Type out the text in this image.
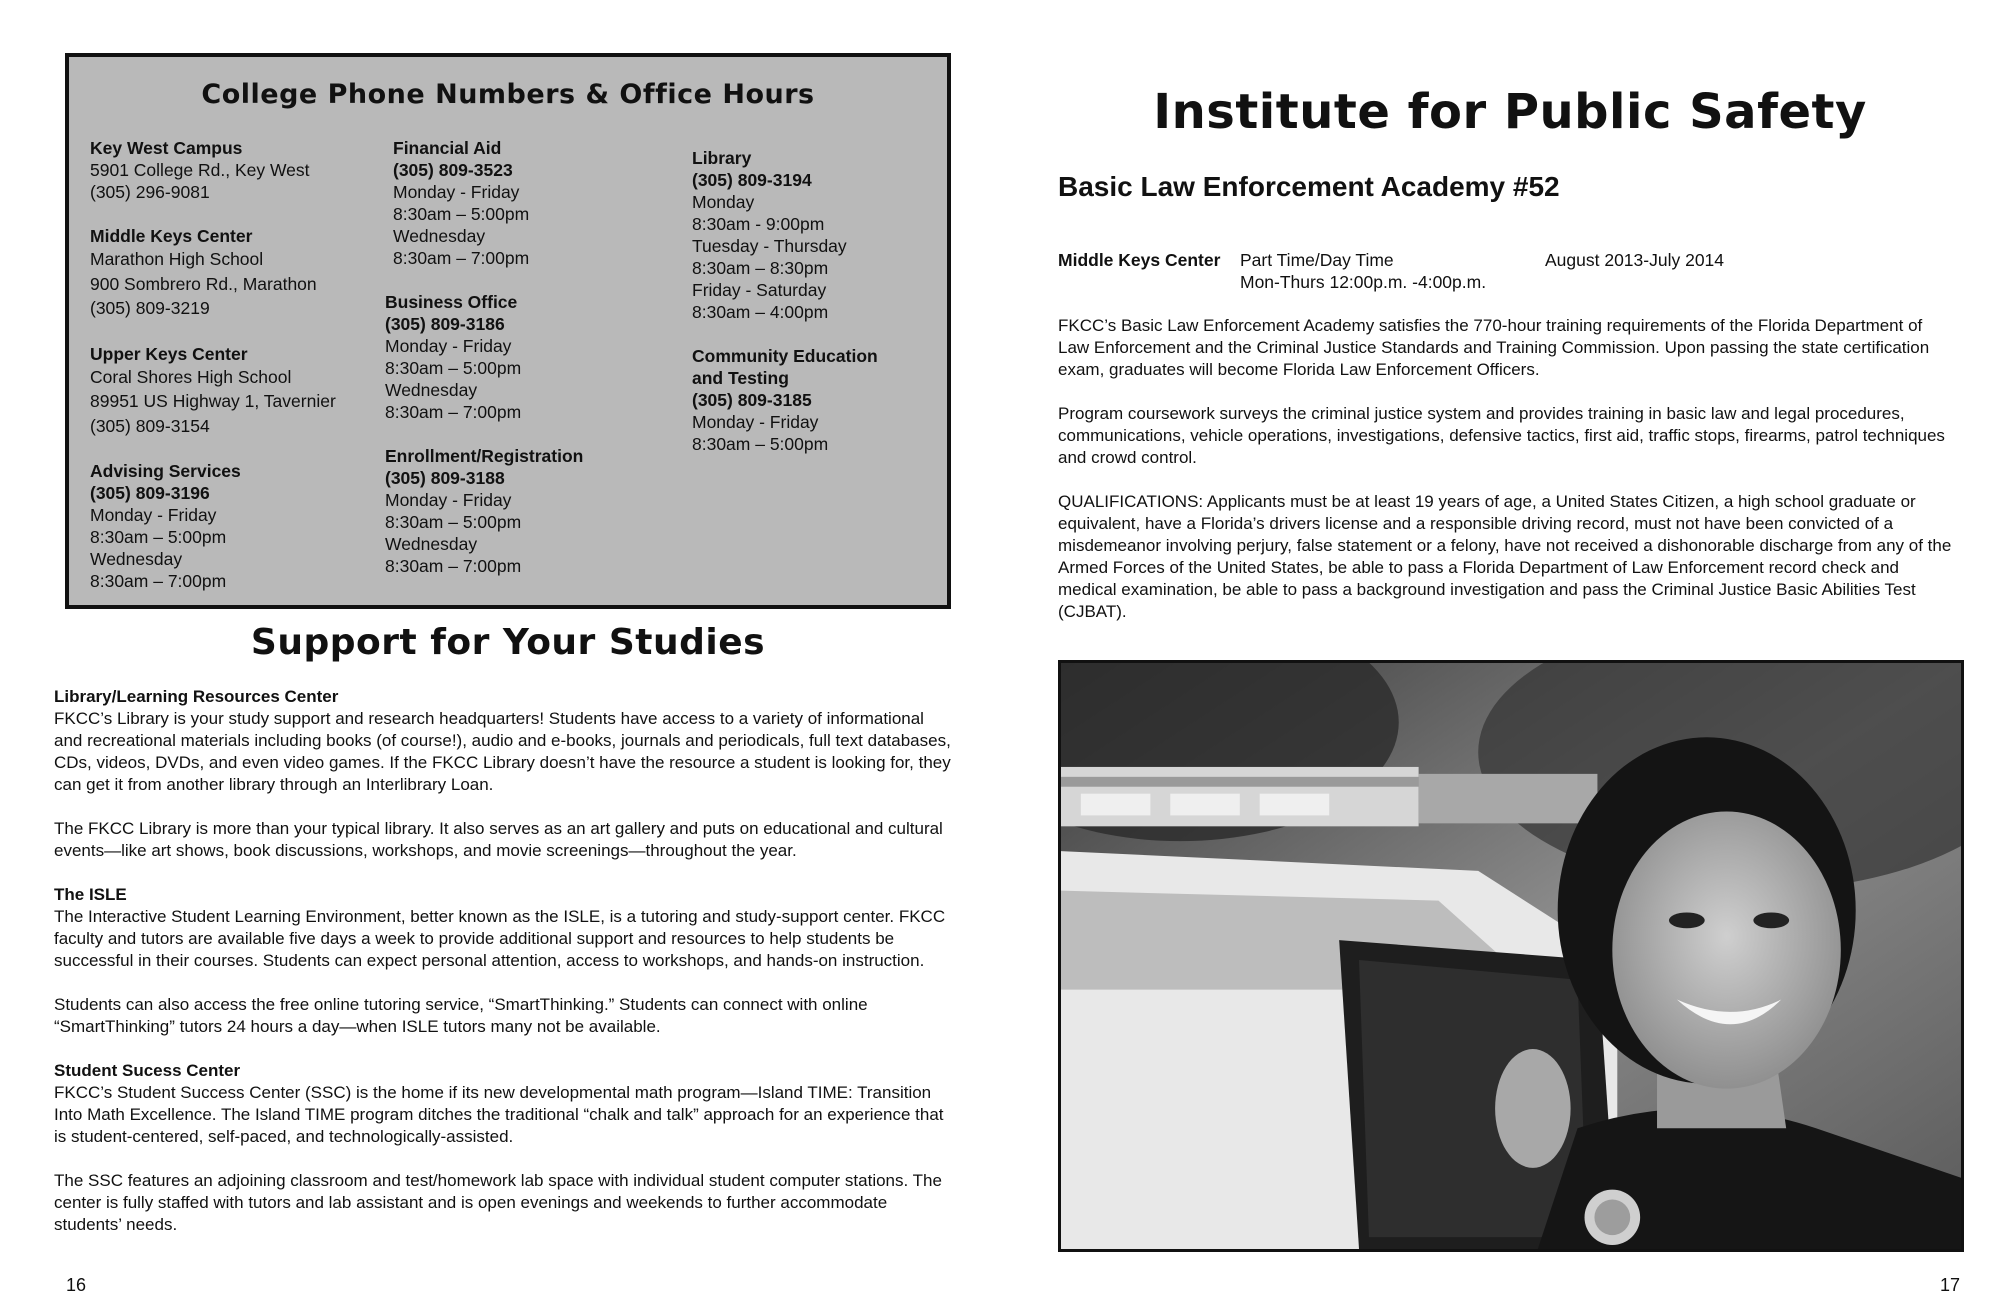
College Phone Numbers & Office Hours
Key West Campus
5901 College Rd., Key West
(305) 296-9081
Middle Keys Center
Marathon High School
900 Sombrero Rd., Marathon
(305) 809-3219
Upper Keys Center
Coral Shores High School
89951 US Highway 1, Tavernier
(305) 809-3154
Advising Services
(305) 809-3196
Monday - Friday
8:30am – 5:00pm
Wednesday
8:30am – 7:00pm
Financial Aid
(305) 809-3523
Monday - Friday
8:30am – 5:00pm
Wednesday
8:30am – 7:00pm
Business Office
(305) 809-3186
Monday - Friday
8:30am – 5:00pm
Wednesday
8:30am – 7:00pm
Enrollment/Registration
(305) 809-3188
Monday - Friday
8:30am – 5:00pm
Wednesday
8:30am – 7:00pm
Library
(305) 809-3194
Monday
8:30am - 9:00pm
Tuesday - Thursday
8:30am – 8:30pm
Friday - Saturday
8:30am – 4:00pm
Community Education
and Testing
(305) 809-3185
Monday - Friday
8:30am – 5:00pm
Support for Your Studies
Library/Learning Resources Center

FKCC’s Library is your study support and research headquarters! Students have access to a variety of informational and recreational materials including books (of course!), audio and e-books, journals and periodicals, full text databases, CDs, videos, DVDs, and even video games. If the FKCC Library doesn’t have the resource a student is looking for, they can get it from another library through an Interlibrary Loan.

The FKCC Library is more than your typical library. It also serves as an art gallery and puts on educational and cultural events—like art shows, book discussions, workshops, and movie screenings—throughout the year.

The ISLE

The Interactive Student Learning Environment, better known as the ISLE, is a tutoring and study-support center. FKCC faculty and tutors are available five days a week to provide additional support and resources to help students be successful in their courses. Students can expect personal attention, access to workshops, and hands-on instruction.

Students can also access the free online tutoring service, “SmartThinking.” Students can connect with online “SmartThinking” tutors 24 hours a day—when ISLE tutors many not be available.

Student Sucess Center

FKCC’s Student Success Center (SSC) is the home if its new developmental math program—Island TIME: Transition Into Math Excellence. The Island TIME program ditches the traditional “chalk and talk” approach for an experience that is student-centered, self-paced, and technologically-assisted.

The SSC features an adjoining classroom and test/homework lab space with individual student computer stations. The center is fully staffed with tutors and lab assistant and is open evenings and weekends to further accommodate students’ needs.

16
Institute for Public Safety
Basic Law Enforcement Academy #52
Middle Keys Center Part Time/Day Time
Mon-Thurs 12:00p.m. -4:00p.m.
August 2013-July 2014

FKCC’s Basic Law Enforcement Academy satisfies the 770-hour training requirements of the Florida Department of Law Enforcement and the Criminal Justice Standards and Training Commission. Upon passing the state certification exam, graduates will become Florida Law Enforcement Officers.

Program coursework surveys the criminal justice system and provides training in basic law and legal procedures, communications, vehicle operations, investigations, defensive tactics, first aid, traffic stops, firearms, patrol techniques and crowd control.

QUALIFICATIONS: Applicants must be at least 19 years of age, a United States Citizen, a high school graduate or equivalent, have a Florida’s drivers license and a responsible driving record, must not have been convicted of a misdemeanor involving perjury, false statement or a felony, have not received a dishonorable discharge from any of the Armed Forces of the United States, be able to pass a Florida Department of Law Enforcement record check and medical examination, be able to pass a background investigation and pass the Criminal Justice Basic Abilities Test (CJBAT).

17
